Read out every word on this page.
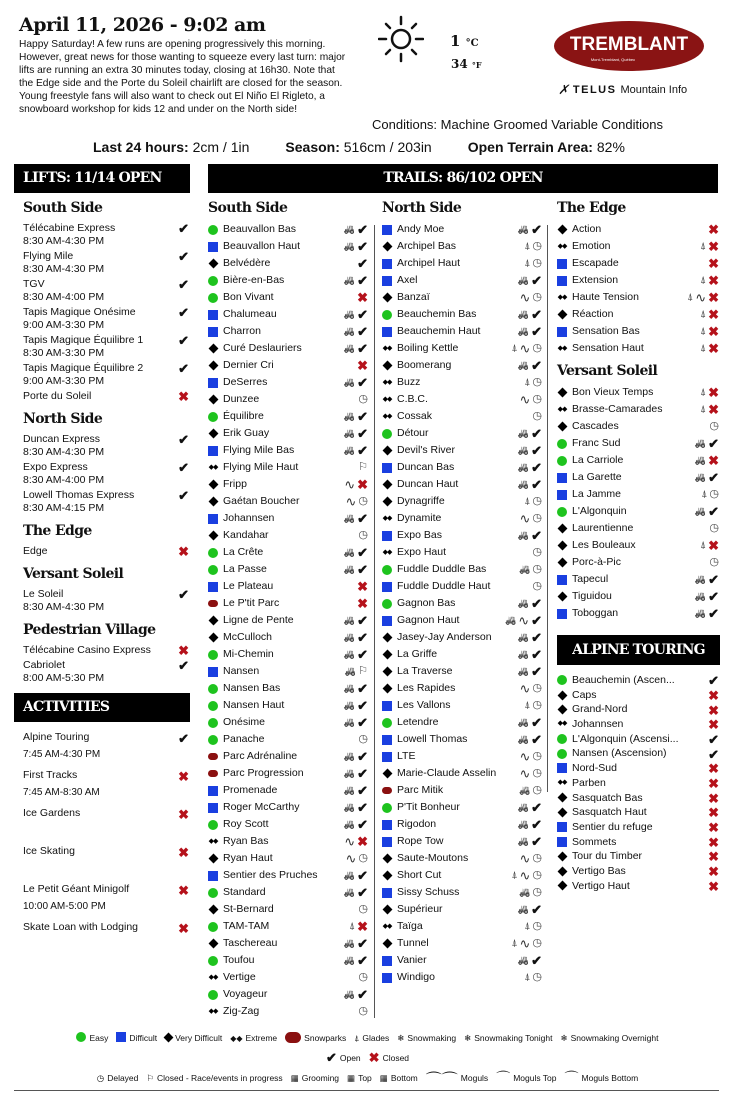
April 11, 2026 - 9:02 am
Happy Saturday! A few runs are opening progressively this morning. However, great news for those wanting to squeeze every last turn: major lifts are running an extra 30 minutes today, closing at 16h30. Note that the Edge side and the Porte du Soleil chairlift are closed for the season. Young freestyle fans will also want to check out El Niño El Rigleto, a snowboard workshop for kids 12 and under on the North side!
1 °C
34 °F
TREMBLANT
Mont-Tremblant, Québec
✗ TELUS Mountain Info
Conditions: Machine Groomed Variable Conditions
Last 24 hours: 2cm / 1in	Season: 516cm / 203in	Open Terrain Area: 82%
LIFTS: 11/14 OPEN	TRAILS: 86/102 OPEN
ACTIVITIES
ALPINE TOURING
South Side
Télécabine Express
8:30 AM-4:30 PM
✔
Flying Mile
8:30 AM-4:30 PM
✔
TGV
8:30 AM-4:00 PM
✔
Tapis Magique Onésime
9:00 AM-3:30 PM
✔
Tapis Magique Équilibre 1
8:30 AM-3:30 PM
✔
Tapis Magique Équilibre 2
9:00 AM-3:30 PM
✔
Porte du Soleil	✖
North Side
Duncan Express
8:30 AM-4:30 PM
✔
Expo Express
8:30 AM-4:00 PM
✔
Lowell Thomas Express
8:30 AM-4:15 PM
✔
The Edge
Edge	✖
Versant Soleil
Le Soleil
8:30 AM-4:30 PM
✔
Pedestrian Village
Télécabine Casino Express	✖
Cabriolet
8:00 AM-5:30 PM
✔
Alpine Touring
7:45 AM-4:30 PM
✔
First Tracks
7:45 AM-8:30 AM
✖
Ice Gardens	✖
Ice Skating	✖
Le Petit Géant Minigolf
10:00 AM-5:00 PM
✖
Skate Loan with Lodging	✖
South Side
Beauvallon Bas	🚜 ✔
Beauvallon Haut	🚜 ✔
Belvédère	✔
Bière-en-Bas	🚜 ✔
Bon Vivant	✖
Chalumeau	🚜 ✔
Charron	🚜 ✔
Curé Deslauriers	🚜 ✔
Dernier Cri	✖
DeSerres	🚜 ✔
Dunzee	◷
Équilibre	🚜 ✔
Erik Guay	🚜 ✔
Flying Mile Bas	🚜 ✔
◆◆ Flying Mile Haut	⚐
Fripp	∿ ✖
Gaétan Boucher	∿ ◷
Johannsen	🚜 ✔
Kandahar	◷
La Crête	🚜 ✔
La Passe	🚜 ✔
Le Plateau	✖
Le P'tit Parc	✖
Ligne de Pente	🚜 ✔
McCulloch	🚜 ✔
Mi-Chemin	🚜 ✔
Nansen	🚜 ⚐
Nansen Bas	🚜 ✔
Nansen Haut	🚜 ✔
Onésime	🚜 ✔
Panache	◷
Parc Adrénaline	🚜 ✔
Parc Progression	🚜 ✔
Promenade	🚜 ✔
Roger McCarthy	🚜 ✔
Roy Scott	🚜 ✔
◆◆ Ryan Bas	∿ ✖
Ryan Haut	∿ ◷
Sentier des Pruches	🚜 ✔
Standard	🚜 ✔
St-Bernard	◷
TAM-TAM	⍋ ✖
Taschereau	🚜 ✔
Toufou	🚜 ✔
◆◆ Vertige	◷
Voyageur	🚜 ✔
◆◆ Zig-Zag	◷
North Side
Andy Moe	🚜 ✔
Archipel Bas	⍋ ◷
Archipel Haut	⍋ ◷
Axel	🚜 ✔
Banzaï	∿ ◷
Beauchemin Bas	🚜 ✔
Beauchemin Haut	🚜 ✔
◆◆ Boiling Kettle	⍋ ∿ ◷
Boomerang	🚜 ✔
◆◆ Buzz	⍋ ◷
◆◆ C.B.C.	∿ ◷
◆◆ Cossak	◷
Détour	🚜 ✔
Devil's River	🚜 ✔
Duncan Bas	🚜 ✔
Duncan Haut	🚜 ✔
Dynagriffe	⍋ ◷
◆◆ Dynamite	∿ ◷
Expo Bas	🚜 ✔
◆◆ Expo Haut	◷
Fuddle Duddle Bas	🚜 ◷
Fuddle Duddle Haut	◷
Gagnon Bas	🚜 ✔
Gagnon Haut	🚜 ∿ ✔
Jasey-Jay Anderson	🚜 ✔
La Griffe	🚜 ✔
La Traverse	🚜 ✔
Les Rapides	∿ ◷
Les Vallons	⍋ ◷
Letendre	🚜 ✔
Lowell Thomas	🚜 ✔
LTE	∿ ◷
Marie-Claude Asselin ∿ ◷
Parc Mitik	🚜 ◷
P'Tit Bonheur	🚜 ✔
Rigodon	🚜 ✔
Rope Tow	🚜 ✔
Saute-Moutons	∿ ◷
Short Cut	⍋ ∿ ◷
Sissy Schuss	🚜 ◷
Supérieur	🚜 ✔
◆◆ Taïga	⍋ ◷
Tunnel	⍋ ∿ ◷
Vanier	🚜 ✔
Windigo	⍋ ◷
The Edge
Action	✖
◆◆ Emotion	⍋ ✖
Escapade	✖
Extension	⍋ ✖
◆◆ Haute Tension	⍋ ∿ ✖
Réaction	⍋ ✖
Sensation Bas	⍋ ✖
◆◆ Sensation Haut	⍋ ✖
Versant Soleil
Bon Vieux Temps	⍋ ✖
◆◆ Brasse-Camarades	⍋ ✖
Cascades	◷
Franc Sud	🚜 ✔
La Carriole	🚜 ✖
La Garette	🚜 ✔
La Jamme	⍋ ◷
L'Algonquin	🚜 ✔
Laurentienne	◷
Les Bouleaux	⍋ ✖
Porc-à-Pic	◷
Tapecul	🚜 ✔
Tiguidou	🚜 ✔
Toboggan	🚜 ✔
Beauchemin (Ascen...	✔
Caps	✖
Grand-Nord	✖
◆◆ Johannsen	✖
L'Algonquin (Ascensi... ✔
Nansen (Ascension)	✔
Nord-Sud	✖
◆◆ Parben	✖
Sasquatch Bas	✖
Sasquatch Haut	✖
Sentier du refuge	✖
Sommets	✖
Tour du Timber	✖
Vertigo Bas	✖
Vertigo Haut	✖
Easy Difficult Very Difficult ◆◆ Extreme	Snowparks ⍋ Glades ❄ Snowmaking ❄ Snowmaking Tonight ❄ Snowmaking Overnight
✔ Open ✖ Closed
◷ Delayed ⚐ Closed - Race/events in progress ▦ Grooming ▦ Top ▦ Bottom ⌒⌒ Moguls ⌒ Moguls Top ⌒ Moguls Bottom
